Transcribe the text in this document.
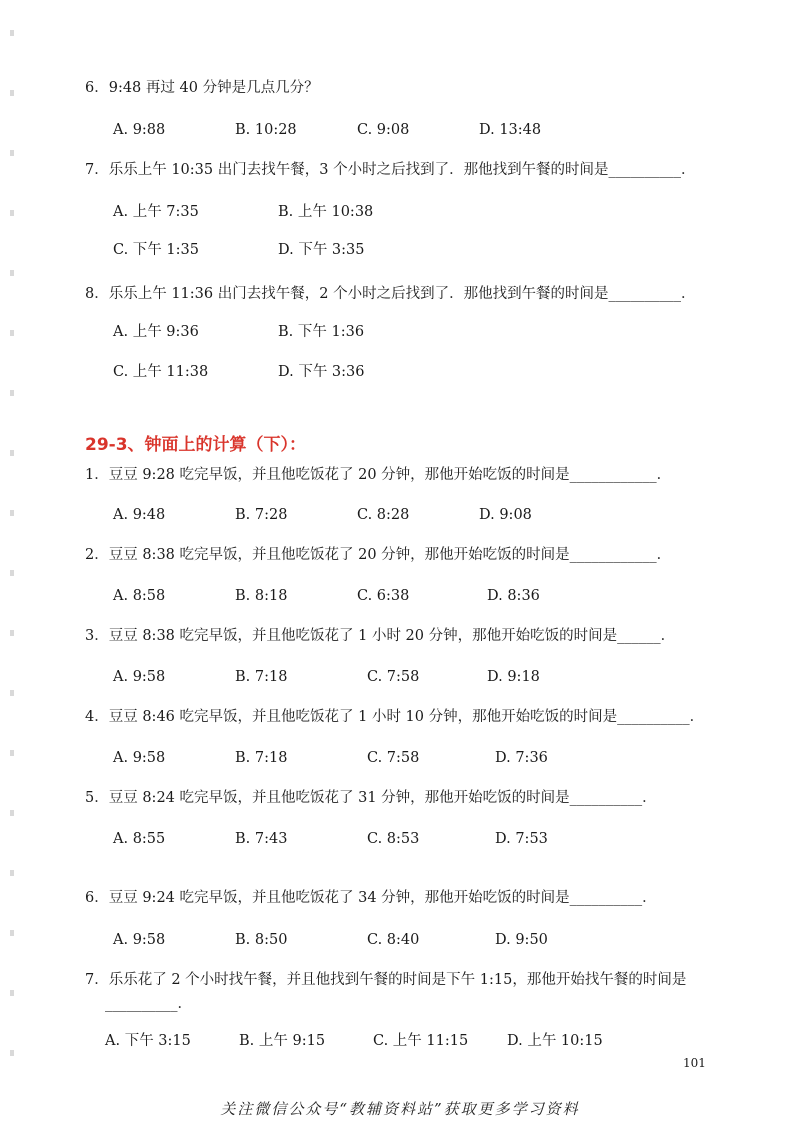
6．9:48 再过 40 分钟是几点几分？
A. 9:88	B. 10:28	C. 9:08	D. 13:48
7．乐乐上午 10:35 出门去找午餐，3 个小时之后找到了．那他找到午餐的时间是__________．
A. 上午 7:35	B. 上午 10:38
C. 下午 1:35	D. 下午 3:35
8．乐乐上午 11:36 出门去找午餐，2 个小时之后找到了．那他找到午餐的时间是__________．
A. 上午 9:36	B. 下午 1:36
C. 上午 11:38	D. 下午 3:36
29-3、钟面上的计算（下）：
1．豆豆 9:28 吃完早饭，并且他吃饭花了 20 分钟，那他开始吃饭的时间是____________．
A. 9:48	B. 7:28	C. 8:28	D. 9:08
2．豆豆 8:38 吃完早饭，并且他吃饭花了 20 分钟，那他开始吃饭的时间是____________．
A. 8:58	B. 8:18	C. 6:38	D. 8:36
3．豆豆 8:38 吃完早饭，并且他吃饭花了 1 小时 20 分钟，那他开始吃饭的时间是______．
A. 9:58	B. 7:18	C. 7:58	D. 9:18
4．豆豆 8:46 吃完早饭，并且他吃饭花了 1 小时 10 分钟，那他开始吃饭的时间是__________．
A. 9:58	B. 7:18	C. 7:58	D. 7:36
5．豆豆 8:24 吃完早饭，并且他吃饭花了 31 分钟，那他开始吃饭的时间是__________．
A. 8:55	B. 7:43	C. 8:53	D. 7:53
6．豆豆 9:24 吃完早饭，并且他吃饭花了 34 分钟，那他开始吃饭的时间是__________．
A. 9:58	B. 8:50	C. 8:40	D. 9:50
7．乐乐花了 2 个小时找午餐，并且他找到午餐的时间是下午 1:15，那他开始找午餐的时间是
__________．
A. 下午 3:15	B. 上午 9:15	C. 上午 11:15	D. 上午 10:15
101
关注微信公众号“教辅资料站”获取更多学习资料
